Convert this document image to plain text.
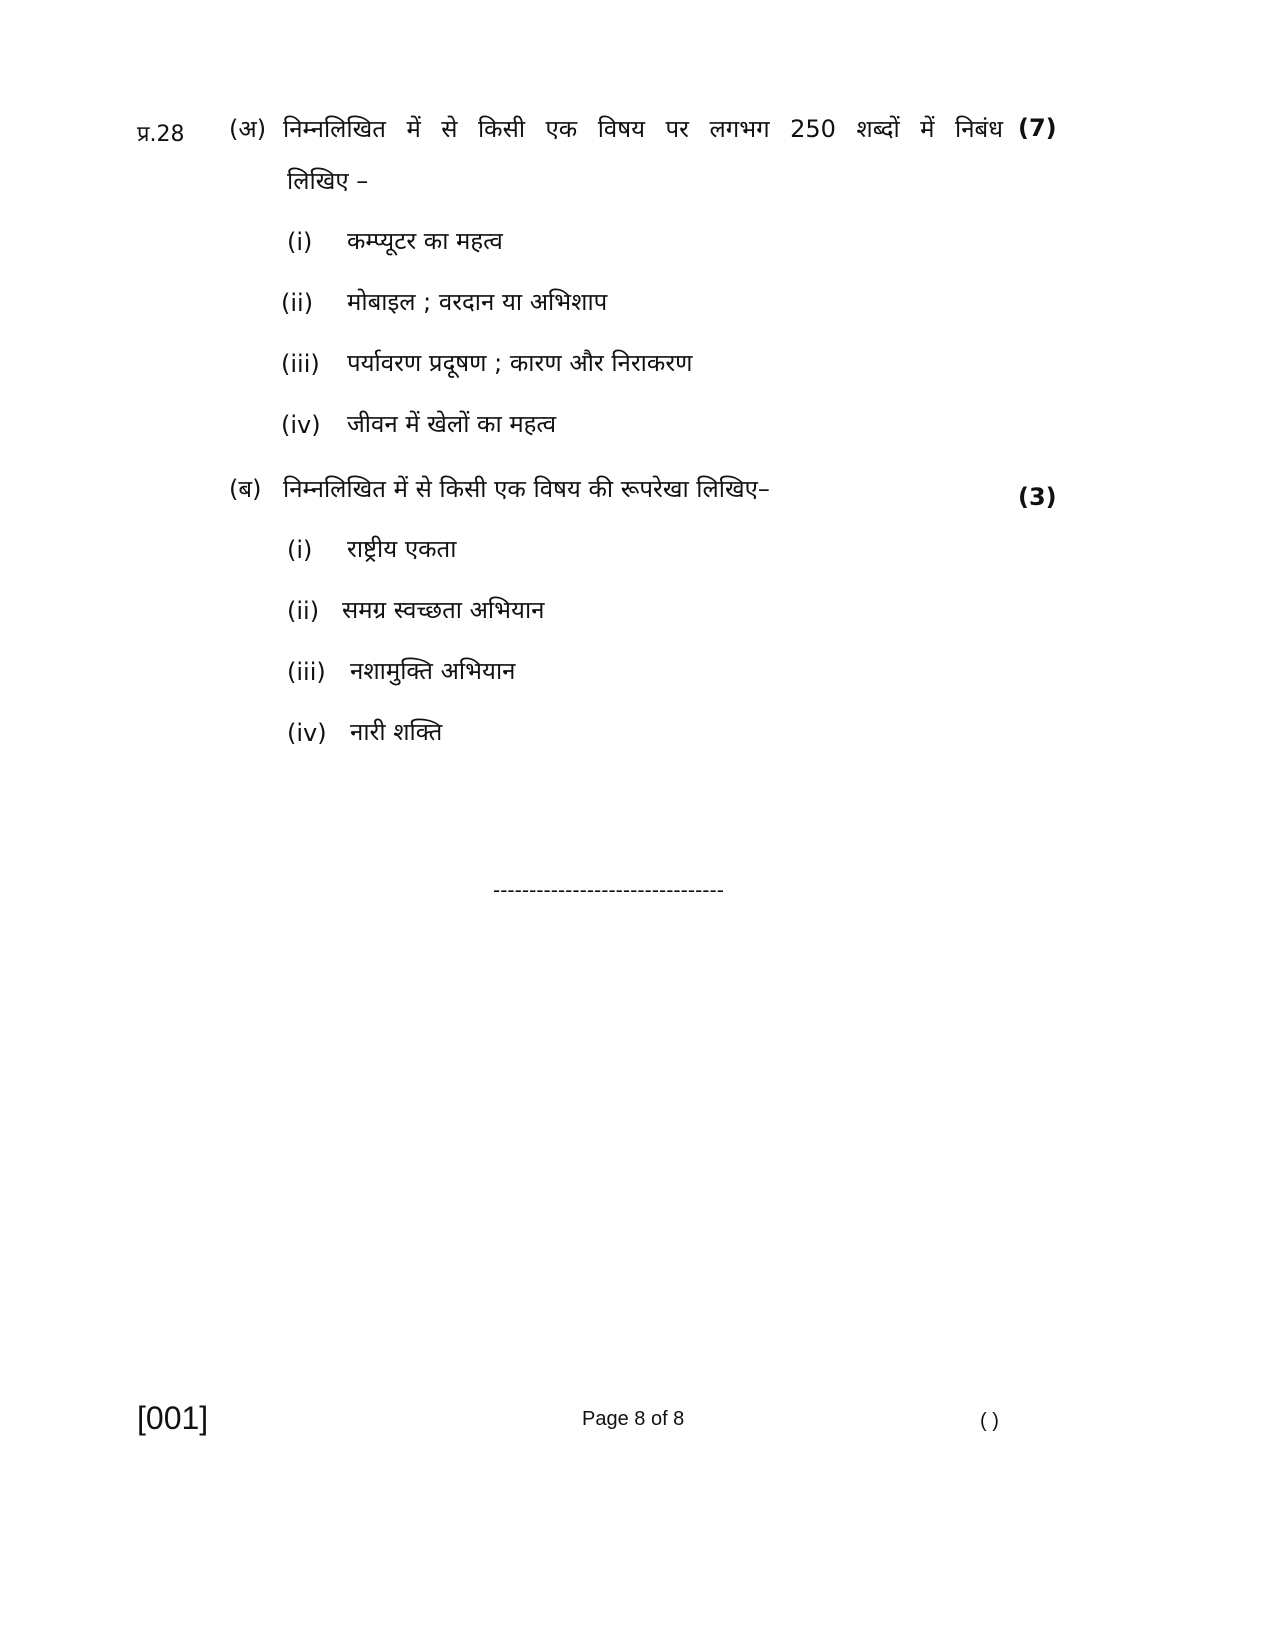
प्र.28 (अ) निम्नलिखित में से किसी एक विषय पर लगभग 250 शब्दों में निबंध (7)
लिखिए –
(i) कम्प्यूटर का महत्व
(ii) मोबाइल ; वरदान या अभिशाप
(iii) पर्यावरण प्रदूषण ; कारण और निराकरण
(iv) जीवन में खेलों का महत्व
(ब) निम्नलिखित में से किसी एक विषय की रूपरेखा लिखिए–	(3)
(i) राष्ट्रीय एकता
(ii) समग्र स्वच्छता अभियान
(iii) नशामुक्ति अभियान
(iv) नारी शक्ति
--------------------------------
[001]	Page 8 of 8	( )
